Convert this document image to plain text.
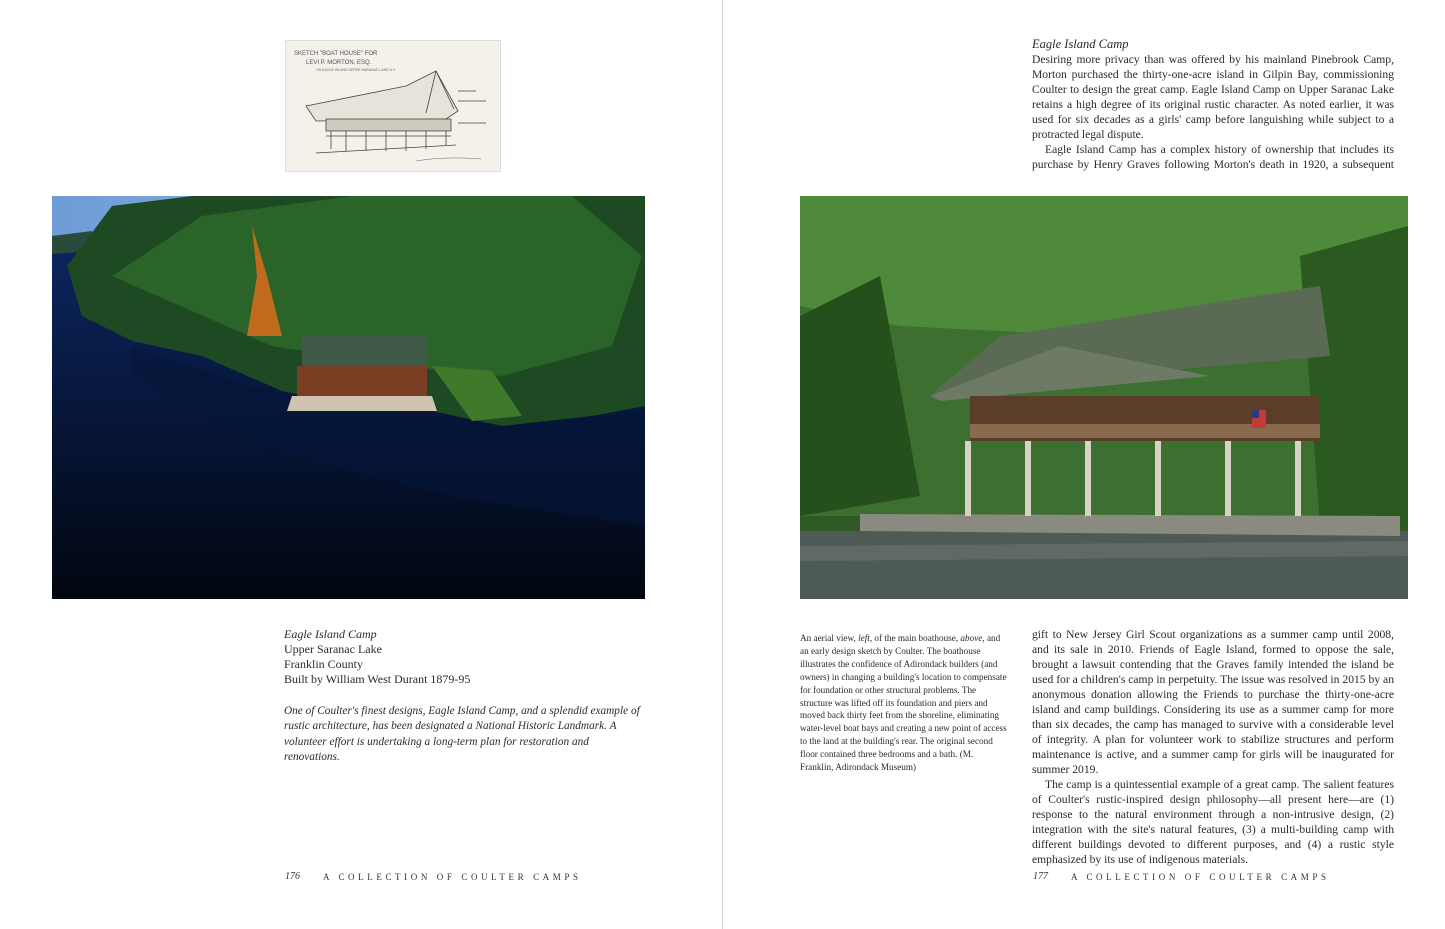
SKETCH "BOAT HOUSE" FOR
LEVI P. MORTON, ESQ.
ON EAGLE ISLAND UPPER SARANAC LAKE N.Y.
Eagle Island Camp
Upper Saranac Lake
Franklin County
Built by William West Durant 1879-95
One of Coulter's finest designs, Eagle Island Camp, and a splendid example of rustic architecture, has been designated a National Historic Landmark. A volunteer effort is undertaking a long-term plan for restoration and renovations.
176	A COLLECTION OF COULTER CAMPS
Eagle Island Camp

Desiring more privacy than was offered by his mainland Pinebrook Camp, Morton purchased the thirty-one-acre island in Gilpin Bay, commissioning Coulter to design the great camp. Eagle Island Camp on Upper Saranac Lake retains a high degree of its original rustic character. As noted earlier, it was used for six decades as a girls' camp before languishing while subject to a protracted legal dispute.

Eagle Island Camp has a complex history of ownership that includes its purchase by Henry Graves following Morton's death in 1920, a subsequent

An aerial view, left, of the main boathouse, above, and an early design sketch by Coulter. The boathouse illustrates the confidence of Adirondack builders (and owners) in changing a building's location to compensate for foundation or other structural problems. The structure was lifted off its foundation and piers and moved back thirty feet from the shoreline, eliminating water-level boat bays and creating a new point of access to the land at the building's rear. The original second floor contained three bedrooms and a bath. (M. Franklin, Adirondack Museum)

gift to New Jersey Girl Scout organizations as a summer camp until 2008, and its sale in 2010. Friends of Eagle Island, formed to oppose the sale, brought a lawsuit contending that the Graves family intended the island be used for a children's camp in perpetuity. The issue was resolved in 2015 by an anonymous donation allowing the Friends to purchase the thirty-one-acre island and camp buildings. Considering its use as a summer camp for more than six decades, the camp has managed to survive with a considerable level of integrity. A plan for volunteer work to stabilize structures and perform maintenance is active, and a summer camp for girls will be inaugurated for summer 2019.

The camp is a quintessential example of a great camp. The salient features of Coulter's rustic-inspired design philosophy—all present here—are (1) response to the natural environment through a non-intrusive design, (2) integration with the site's natural features, (3) a multi-building camp with different buildings devoted to different purposes, and (4) a rustic style emphasized by its use of indigenous materials.

177	A COLLECTION OF COULTER CAMPS
